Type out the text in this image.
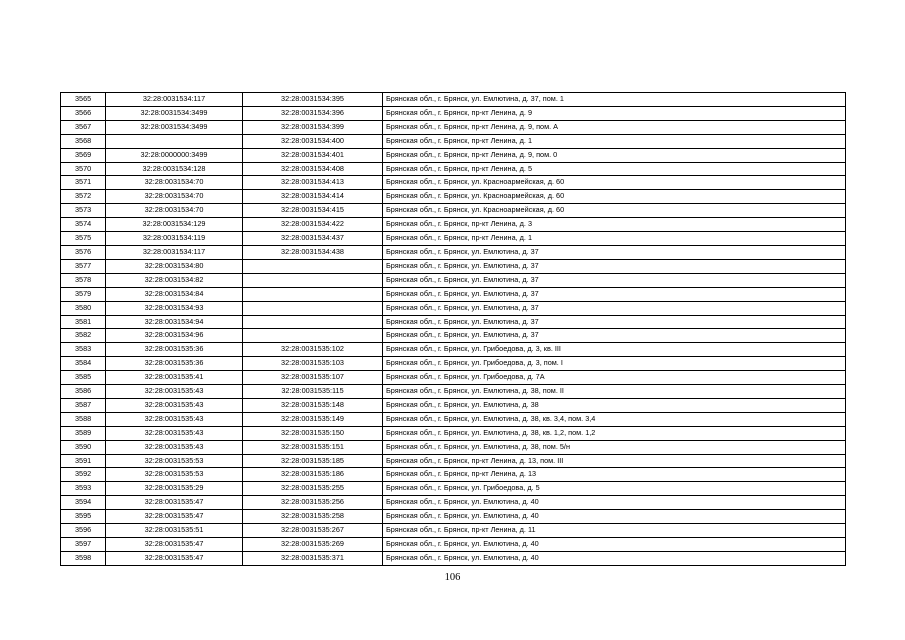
3565	32:28:0031534:117	32:28:0031534:395	Брянская обл., г. Брянск, ул. Емлютина, д. 37, пом. 1
3566	32:28:0031534:3499	32:28:0031534:396	Брянская обл., г. Брянск, пр-кт Ленина, д. 9
3567	32:28:0031534:3499	32:28:0031534:399	Брянская обл., г. Брянск, пр-кт Ленина, д. 9, пом. А
3568		32:28:0031534:400	Брянская обл., г. Брянск, пр-кт Ленина, д. 1
3569	32:28:0000000:3499	32:28:0031534:401	Брянская обл., г. Брянск, пр-кт Ленина, д. 9, пом. 0
3570	32:28:0031534:128	32:28:0031534:408	Брянская обл., г. Брянск, пр-кт Ленина, д. 5
3571	32:28:0031534:70	32:28:0031534:413	Брянская обл., г. Брянск, ул. Красноармейская, д. 60
3572	32:28:0031534:70	32:28:0031534:414	Брянская обл., г. Брянск, ул. Красноармейская, д. 60
3573	32:28:0031534:70	32:28:0031534:415	Брянская обл., г. Брянск, ул. Красноармейская, д. 60
3574	32:28:0031534:129	32:28:0031534:422	Брянская обл., г. Брянск, пр-кт Ленина, д. 3
3575	32:28:0031534:119	32:28:0031534:437	Брянская обл., г. Брянск, пр-кт Ленина, д. 1
3576	32:28:0031534:117	32:28:0031534:438	Брянская обл., г. Брянск, ул. Емлютина, д. 37
3577	32:28:0031534:80		Брянская обл., г. Брянск, ул. Емлютина, д. 37
3578	32:28:0031534:82		Брянская обл., г. Брянск, ул. Емлютина, д. 37
3579	32:28:0031534:84		Брянская обл., г. Брянск, ул. Емлютина, д. 37
3580	32:28:0031534:93		Брянская обл., г. Брянск, ул. Емлютина, д. 37
3581	32:28:0031534:94		Брянская обл., г. Брянск, ул. Емлютина, д. 37
3582	32:28:0031534:96		Брянская обл., г. Брянск, ул. Емлютина, д. 37
3583	32:28:0031535:36	32:28:0031535:102	Брянская обл., г. Брянск, ул. Грибоедова, д. 3, кв. III
3584	32:28:0031535:36	32:28:0031535:103	Брянская обл., г. Брянск, ул. Грибоедова, д. 3, пом. I
3585	32:28:0031535:41	32:28:0031535:107	Брянская обл., г. Брянск, ул. Грибоедова, д. 7А
3586	32:28:0031535:43	32:28:0031535:115	Брянская обл., г. Брянск, ул. Емлютина, д. 38, пом. II
3587	32:28:0031535:43	32:28:0031535:148	Брянская обл., г. Брянск, ул. Емлютина, д. 38
3588	32:28:0031535:43	32:28:0031535:149	Брянская обл., г. Брянск, ул. Емлютина, д. 38, кв. 3,4, пом. 3,4
3589	32:28:0031535:43	32:28:0031535:150	Брянская обл., г. Брянск, ул. Емлютина, д. 38, кв. 1,2, пом. 1,2
3590	32:28:0031535:43	32:28:0031535:151	Брянская обл., г. Брянск, ул. Емлютина, д. 38, пом. 5/н
3591	32:28:0031535:53	32:28:0031535:185	Брянская обл., г. Брянск, пр-кт Ленина, д. 13, пом. III
3592	32:28:0031535:53	32:28:0031535:186	Брянская обл., г. Брянск, пр-кт Ленина, д. 13
3593	32:28:0031535:29	32:28:0031535:255	Брянская обл., г. Брянск, ул. Грибоедова, д. 5
3594	32:28:0031535:47	32:28:0031535:256	Брянская обл., г. Брянск, ул. Емлютина, д. 40
3595	32:28:0031535:47	32:28:0031535:258	Брянская обл., г. Брянск, ул. Емлютина, д. 40
3596	32:28:0031535:51	32:28:0031535:267	Брянская обл., г. Брянск, пр-кт Ленина, д. 11
3597	32:28:0031535:47	32:28:0031535:269	Брянская обл., г. Брянск, ул. Емлютина, д. 40
3598	32:28:0031535:47	32:28:0031535:371	Брянская обл., г. Брянск, ул. Емлютина, д. 40
106
